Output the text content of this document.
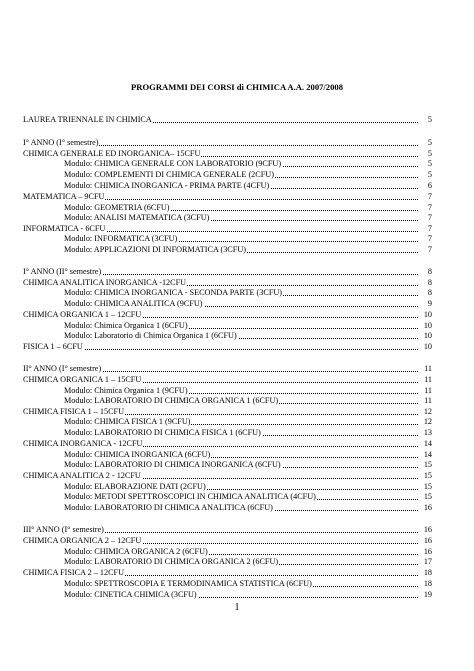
PROGRAMMI DEI CORSI di CHIMICA A.A. 2007/2008
LAUREA TRIENNALE IN CHIMICA	5
I° ANNO (I° semestre)	5
CHIMICA GENERALE ED INORGANICA– 15CFU	5
Modulo: CHIMICA GENERALE CON LABORATORIO (9CFU)	5
Modulo: COMPLEMENTI DI CHIMICA GENERALE (2CFU)	5
Modulo: CHIMICA INORGANICA - PRIMA PARTE (4CFU)	6
MATEMATICA – 9CFU	7
Modulo: GEOMETRIA (6CFU)	7
Modulo: ANALISI MATEMATICA (3CFU)	7
INFORMATICA - 6CFU	7
Modulo: INFORMATICA (3CFU)	7
Modulo: APPLICAZIONI DI INFORMATICA (3CFU)	7
I° ANNO (II° semestre)	8
CHIMICA ANALITICA INORGANICA -12CFU	8
Modulo: CHIMICA INORGANICA - SECONDA PARTE (3CFU)	8
Modulo: CHIMICA ANALITICA (9CFU)	9
CHIMICA ORGANICA 1 – 12CFU	10
Modulo: Chimica Organica 1 (6CFU)	10
Modulo: Laboratorio di Chimica Organica 1 (6CFU)	10
FISICA 1 – 6CFU	10
II° ANNO (I° semestre)	11
CHIMICA ORGANICA 1 – 15CFU	11
Modulo: Chimica Organica 1 (9CFU)	11
Modulo: LABORATORIO DI CHIMICA ORGANICA 1 (6CFU)	11
CHIMICA FISICA 1 – 15CFU	12
Modulo: CHIMICA FISICA 1 (9CFU)	12
Modulo: LABORATORIO DI CHIMICA FISICA 1 (6CFU)	13
CHIMICA INORGANICA - 12CFU	14
Modulo: CHIMICA INORGANICA (6CFU)	14
Modulo: LABORATORIO DI CHIMICA INORGANICA (6CFU)	15
CHIMICA ANALITICA 2 - 12CFU	15
Modulo: ELABORAZIONE DATI (2CFU)	15
Modulo: METODI SPETTROSCOPICI IN CHIMICA ANALITICA (4CFU)	15
Modulo: LABORATORIO DI CHIMICA ANALITICA (6CFU)	16
III° ANNO (I° semestre)	16
CHIMICA ORGANICA 2 – 12CFU	16
Modulo: CHIMICA ORGANICA 2 (6CFU)	16
Modulo: LABORATORIO DI CHIMICA ORGANICA 2 (6CFU)	17
CHIMICA FISICA 2 – 12CFU	18
Modulo: SPETTROSCOPIA E TERMODINAMICA STATISTICA (6CFU)	18
Modulo: CINETICA CHIMICA (3CFU)	19
1
